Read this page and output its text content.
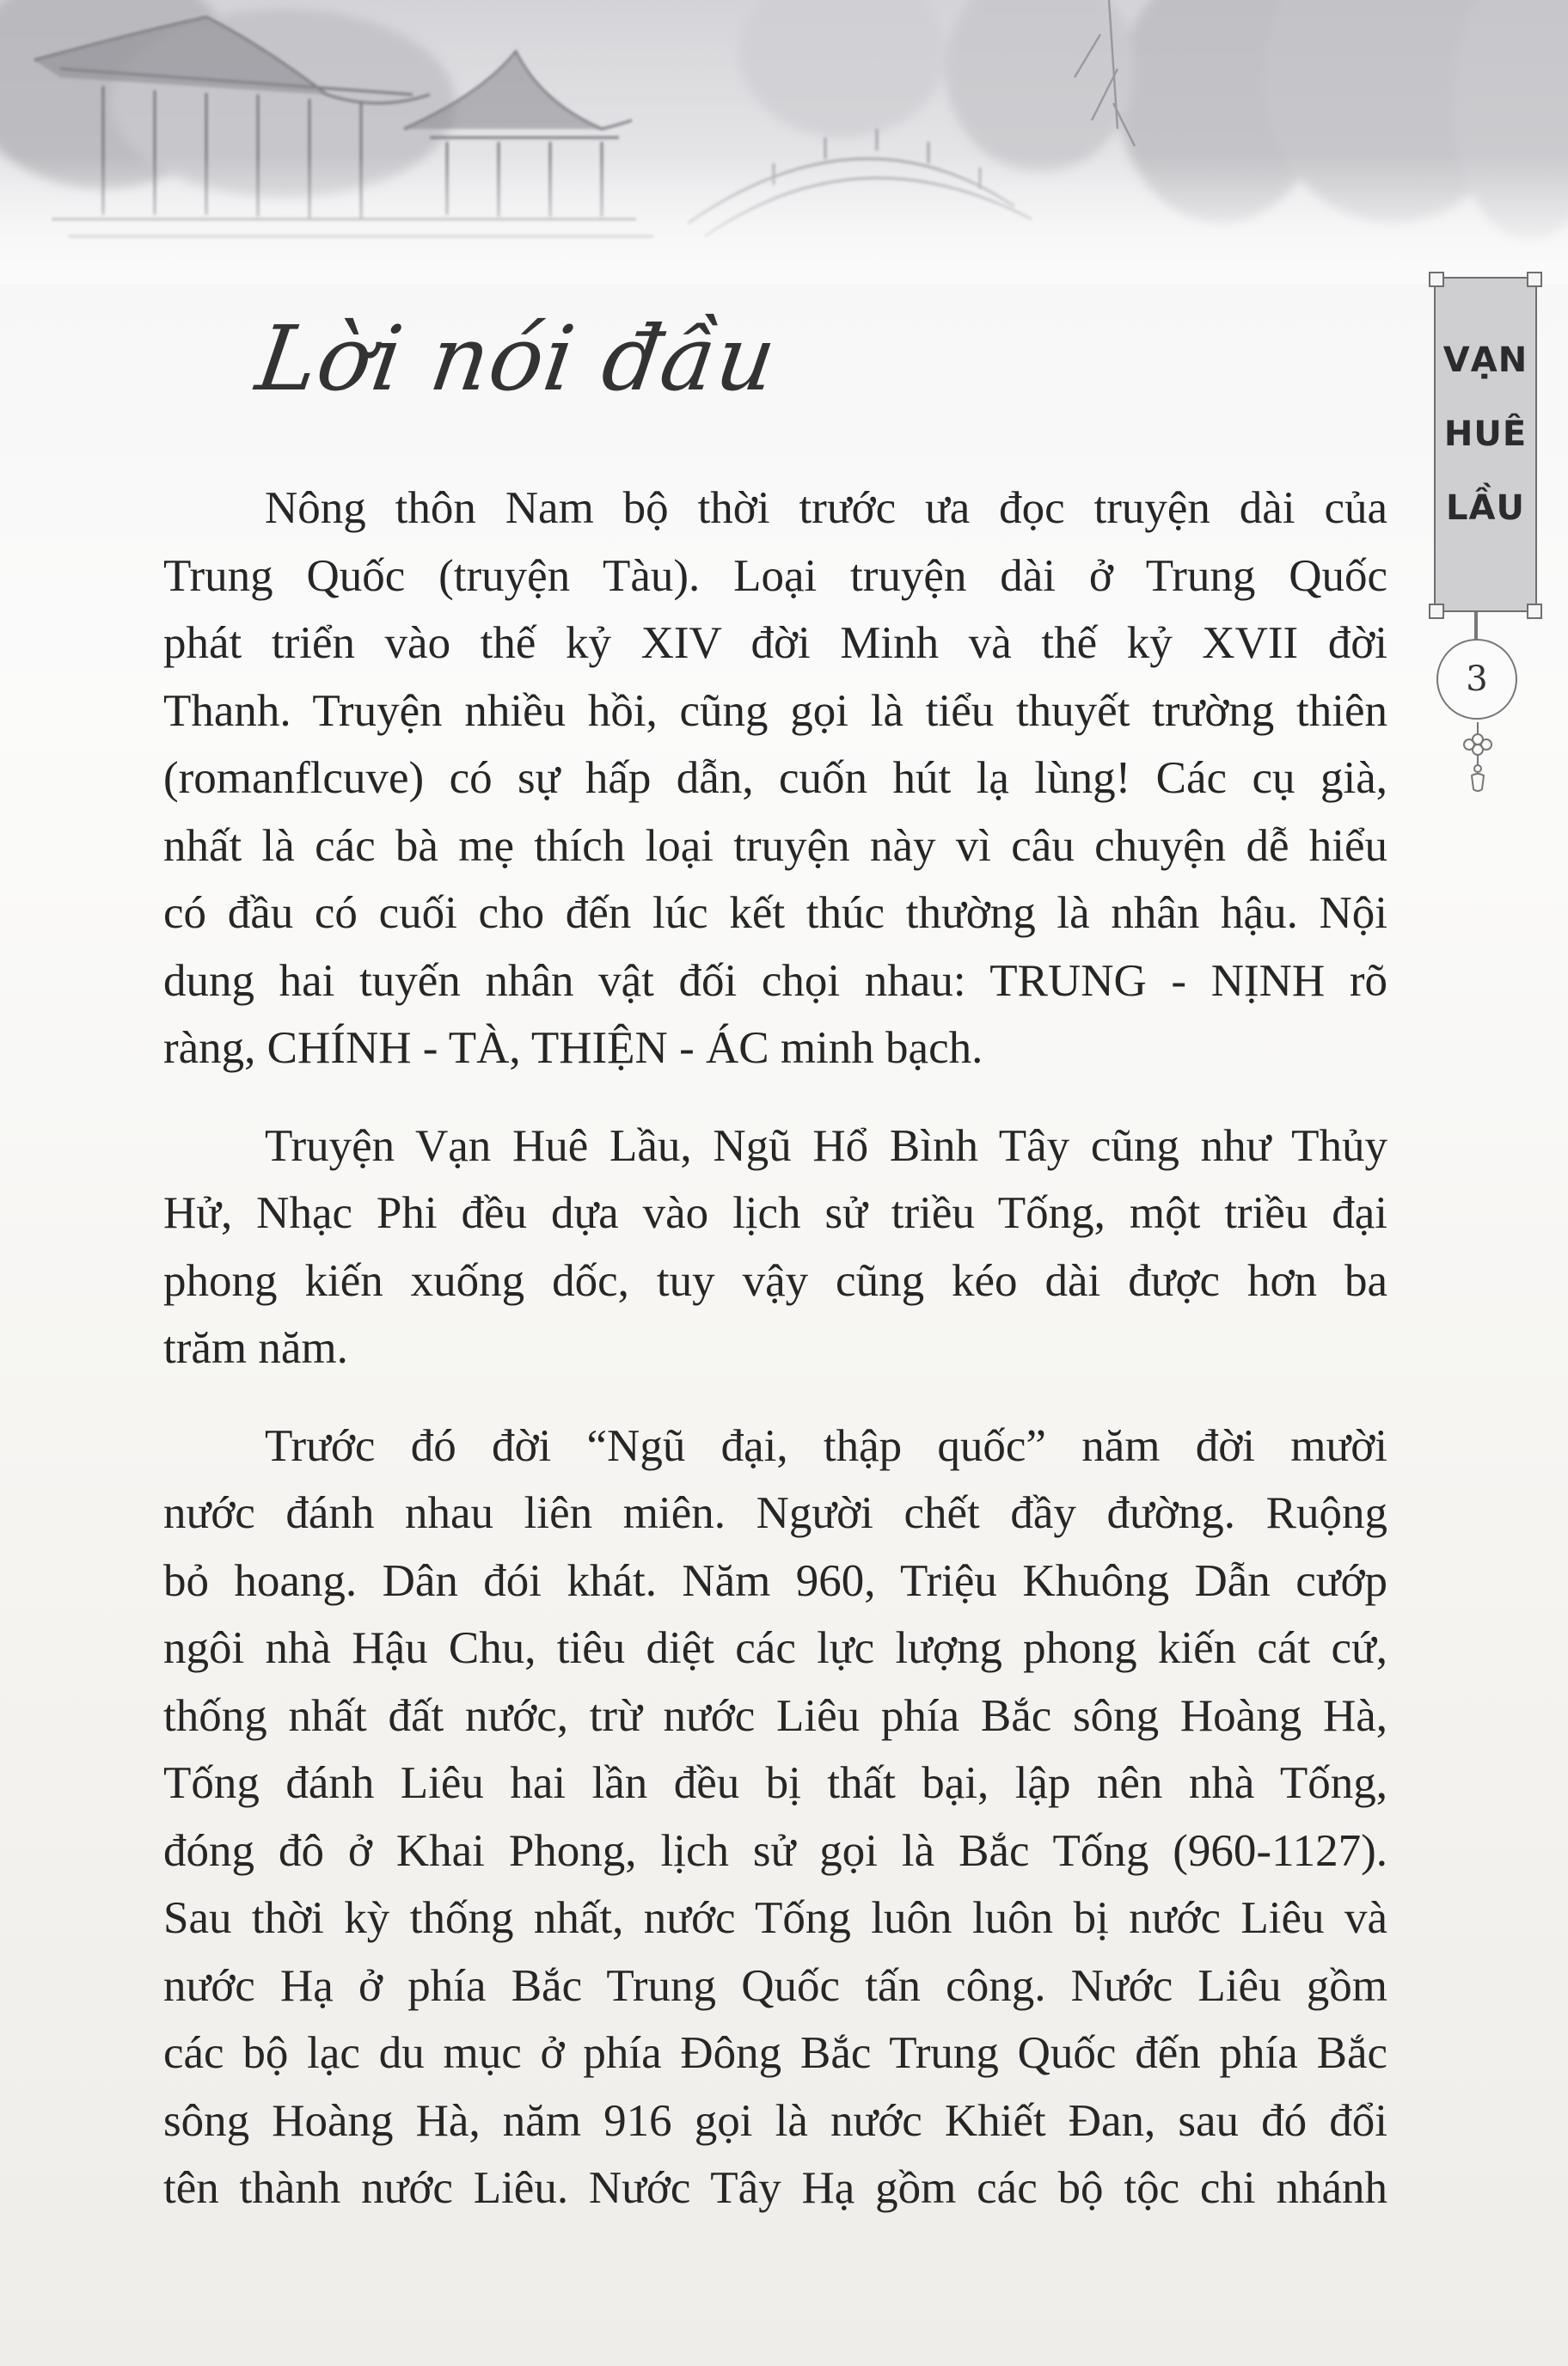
Lời nói đầu

Nông thôn Nam bộ thời trước ưa đọc truyện dài của
Trung Quốc (truyện Tàu). Loại truyện dài ở Trung Quốc
phát triển vào thế kỷ XIV đời Minh và thế kỷ XVII đời
Thanh. Truyện nhiều hồi, cũng gọi là tiểu thuyết trường thiên
(romanflcuve) có sự hấp dẫn, cuốn hút lạ lùng! Các cụ già,
nhất là các bà mẹ thích loại truyện này vì câu chuyện dễ hiểu
có đầu có cuối cho đến lúc kết thúc thường là nhân hậu. Nội
dung hai tuyến nhân vật đối chọi nhau: TRUNG - NỊNH rõ
ràng, CHÍNH - TÀ, THIỆN - ÁC minh bạch.

Truyện Vạn Huê Lầu, Ngũ Hổ Bình Tây cũng như Thủy
Hử, Nhạc Phi đều dựa vào lịch sử triều Tống, một triều đại
phong kiến xuống dốc, tuy vậy cũng kéo dài được hơn ba
trăm năm.

Trước đó đời “Ngũ đại, thập quốc” năm đời mười
nước đánh nhau liên miên. Người chết đầy đường. Ruộng
bỏ hoang. Dân đói khát. Năm 960, Triệu Khuông Dẫn cướp
ngôi nhà Hậu Chu, tiêu diệt các lực lượng phong kiến cát cứ,
thống nhất đất nước, trừ nước Liêu phía Bắc sông Hoàng Hà,
Tống đánh Liêu hai lần đều bị thất bại, lập nên nhà Tống,
đóng đô ở Khai Phong, lịch sử gọi là Bắc Tống (960-1127).
Sau thời kỳ thống nhất, nước Tống luôn luôn bị nước Liêu và
nước Hạ ở phía Bắc Trung Quốc tấn công. Nước Liêu gồm
các bộ lạc du mục ở phía Đông Bắc Trung Quốc đến phía Bắc
sông Hoàng Hà, năm 916 gọi là nước Khiết Đan, sau đó đổi
tên thành nước Liêu. Nước Tây Hạ gồm các bộ tộc chi nhánh

VẠN
HUÊ
LẦU
3
